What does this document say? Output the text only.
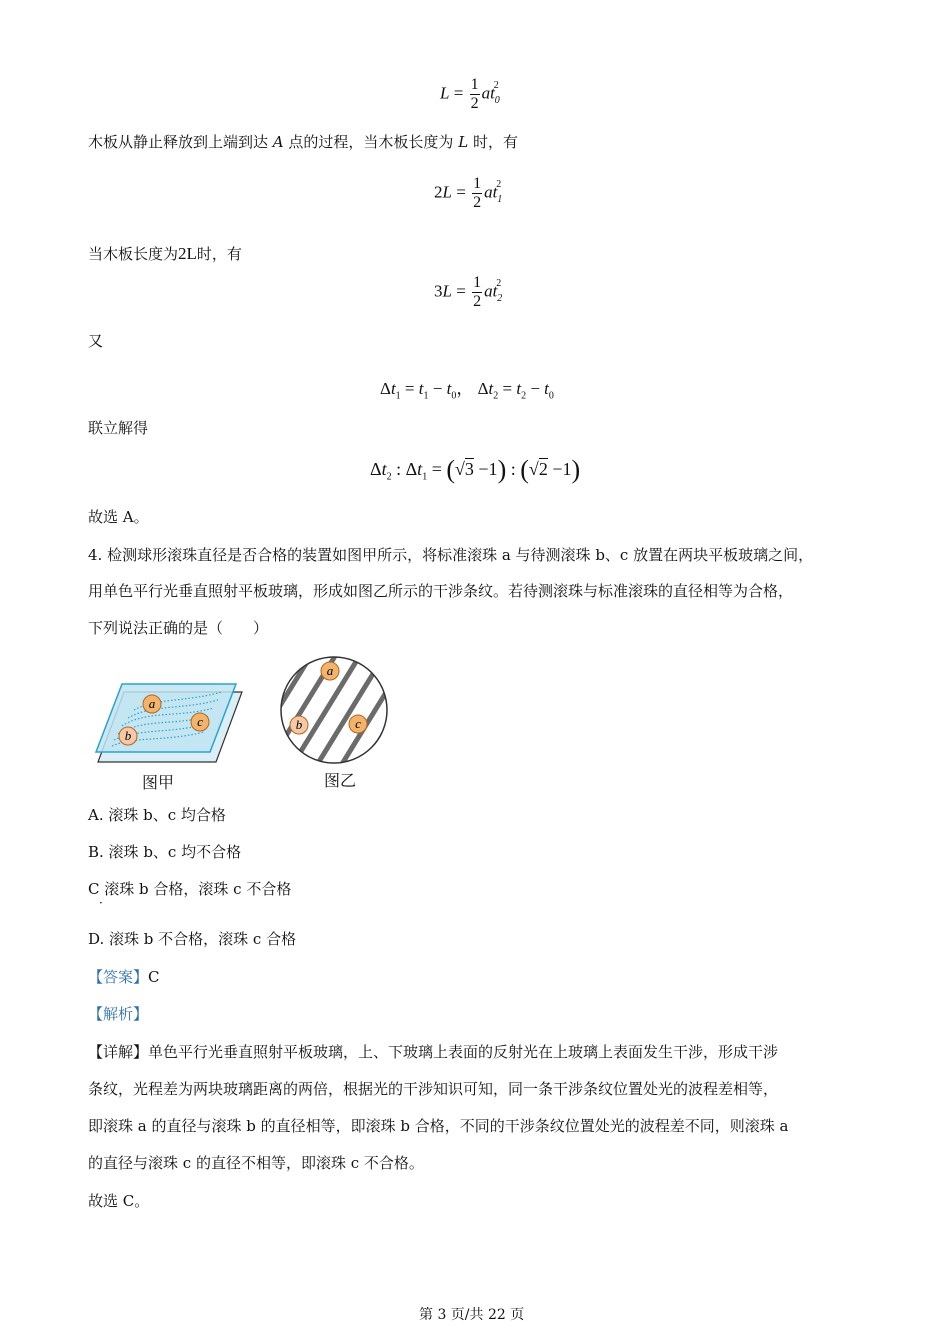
$L = \frac{1}{2} at_0^2$
木板从静止释放到上端到达 A 点的过程，当木板长度为 L 时，有
$2L = \frac{1}{2} at_1^2$
当木板长度为2L时，有
$3L = \frac{1}{2} at_2^2$
又
$\Delta t_1 = t_1 - t_0$， $\Delta t_2 = t_2 - t_0$
联立解得
$\Delta t_2$ : $\Delta t_1 = (√3 -1)$ : (√2 −1)
故选 A。
4. 检测球形滚珠直径是否合格的装置如图甲所示，将标准滚珠 a 与待测滚珠 b、c 放置在两块平板玻璃之间，
用单色平行光垂直照射平板玻璃，形成如图乙所示的干涉条纹。若待测滚珠与标准滚珠的直径相等为合格，
下列说法正确的是（　　）
a
b
c
图甲
a
b	c
图乙
A. 滚珠 b、c 均合格
B. 滚珠 b、c 均不合格
C 滚珠 b 合格，滚珠 c 不合格
·
D. 滚珠 b 不合格，滚珠 c 合格
【答案】C
【解析】
【详解】单色平行光垂直照射平板玻璃，上、下玻璃上表面的反射光在上玻璃上表面发生干涉，形成干涉
条纹，光程差为两块玻璃距离的两倍，根据光的干涉知识可知，同一条干涉条纹位置处光的波程差相等，
即滚珠 a 的直径与滚珠 b 的直径相等，即滚珠 b 合格，不同的干涉条纹位置处光的波程差不同，则滚珠 a
的直径与滚珠 c 的直径不相等，即滚珠 c 不合格。
故选 C。
第 3 页/共 22 页
